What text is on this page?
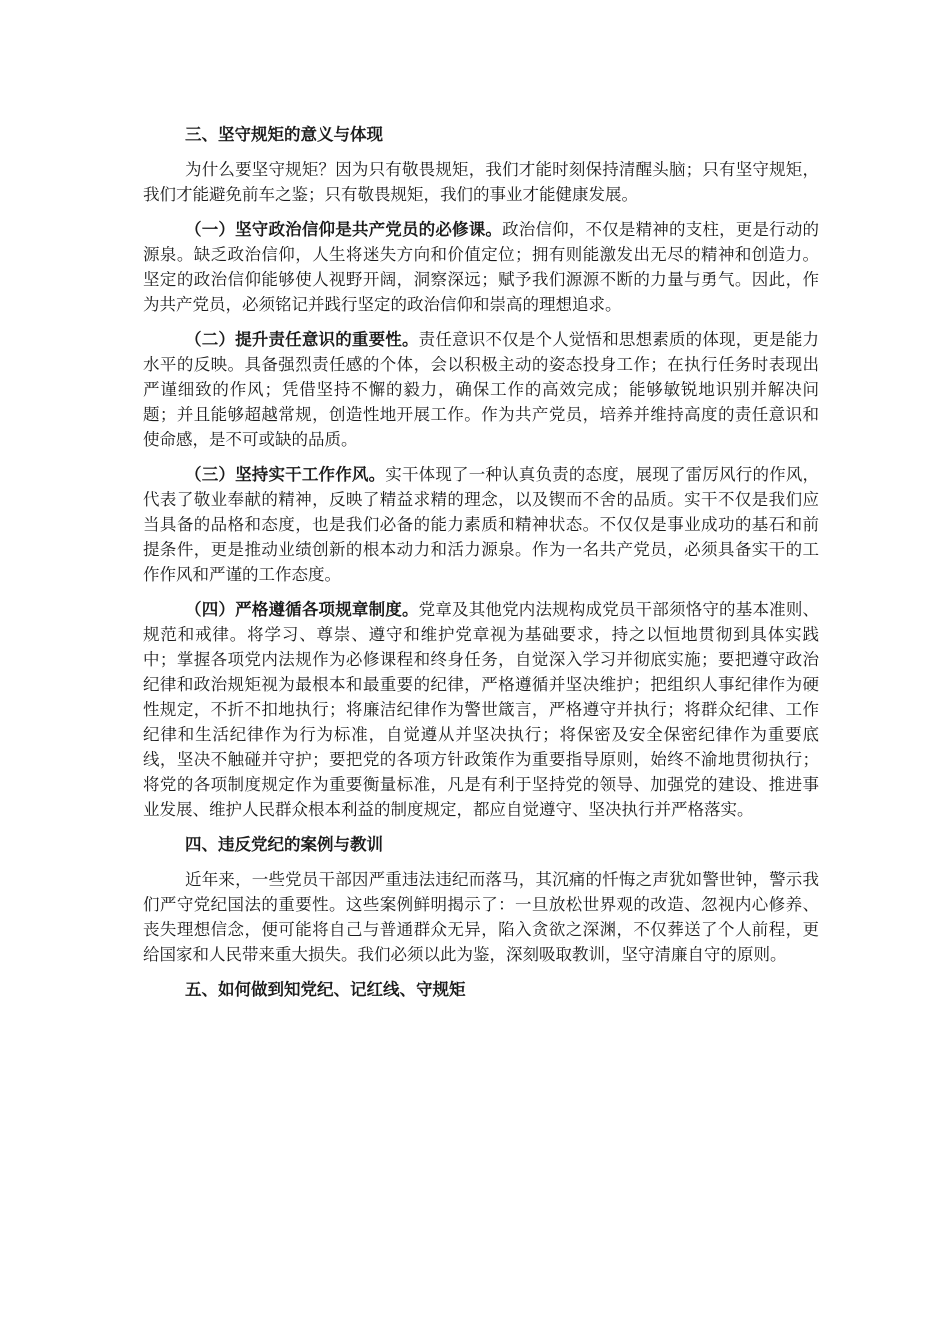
三、坚守规矩的意义与体现

为什么要坚守规矩？因为只有敬畏规矩，我们才能时刻保持清醒头脑；只有坚守规矩，我们才能避免前车之鉴；只有敬畏规矩，我们的事业才能健康发展。

（一）坚守政治信仰是共产党员的必修课。政治信仰，不仅是精神的支柱，更是行动的源泉。缺乏政治信仰，人生将迷失方向和价值定位；拥有则能激发出无尽的精神和创造力。坚定的政治信仰能够使人视野开阔，洞察深远；赋予我们源源不断的力量与勇气。因此，作为共产党员，必须铭记并践行坚定的政治信仰和崇高的理想追求。

（二）提升责任意识的重要性。责任意识不仅是个人觉悟和思想素质的体现，更是能力水平的反映。具备强烈责任感的个体，会以积极主动的姿态投身工作；在执行任务时表现出严谨细致的作风；凭借坚持不懈的毅力，确保工作的高效完成；能够敏锐地识别并解决问题；并且能够超越常规，创造性地开展工作。作为共产党员，培养并维持高度的责任意识和使命感，是不可或缺的品质。

（三）坚持实干工作作风。实干体现了一种认真负责的态度，展现了雷厉风行的作风，代表了敬业奉献的精神，反映了精益求精的理念，以及锲而不舍的品质。实干不仅是我们应当具备的品格和态度，也是我们必备的能力素质和精神状态。不仅仅是事业成功的基石和前提条件，更是推动业绩创新的根本动力和活力源泉。作为一名共产党员，必须具备实干的工作作风和严谨的工作态度。

（四）严格遵循各项规章制度。党章及其他党内法规构成党员干部须恪守的基本准则、规范和戒律。将学习、尊崇、遵守和维护党章视为基础要求，持之以恒地贯彻到具体实践中；掌握各项党内法规作为必修课程和终身任务，自觉深入学习并彻底实施；要把遵守政治纪律和政治规矩视为最根本和最重要的纪律，严格遵循并坚决维护；把组织人事纪律作为硬性规定，不折不扣地执行；将廉洁纪律作为警世箴言，严格遵守并执行；将群众纪律、工作纪律和生活纪律作为行为标准，自觉遵从并坚决执行；将保密及安全保密纪律作为重要底线，坚决不触碰并守护；要把党的各项方针政策作为重要指导原则，始终不渝地贯彻执行；将党的各项制度规定作为重要衡量标准，凡是有利于坚持党的领导、加强党的建设、推进事业发展、维护人民群众根本利益的制度规定，都应自觉遵守、坚决执行并严格落实。

四、违反党纪的案例与教训

近年来，一些党员干部因严重违法违纪而落马，其沉痛的忏悔之声犹如警世钟，警示我们严守党纪国法的重要性。这些案例鲜明揭示了：一旦放松世界观的改造、忽视内心修养、丧失理想信念，便可能将自己与普通群众无异，陷入贪欲之深渊，不仅葬送了个人前程，更给国家和人民带来重大损失。我们必须以此为鉴，深刻吸取教训，坚守清廉自守的原则。

五、如何做到知党纪、记红线、守规矩
